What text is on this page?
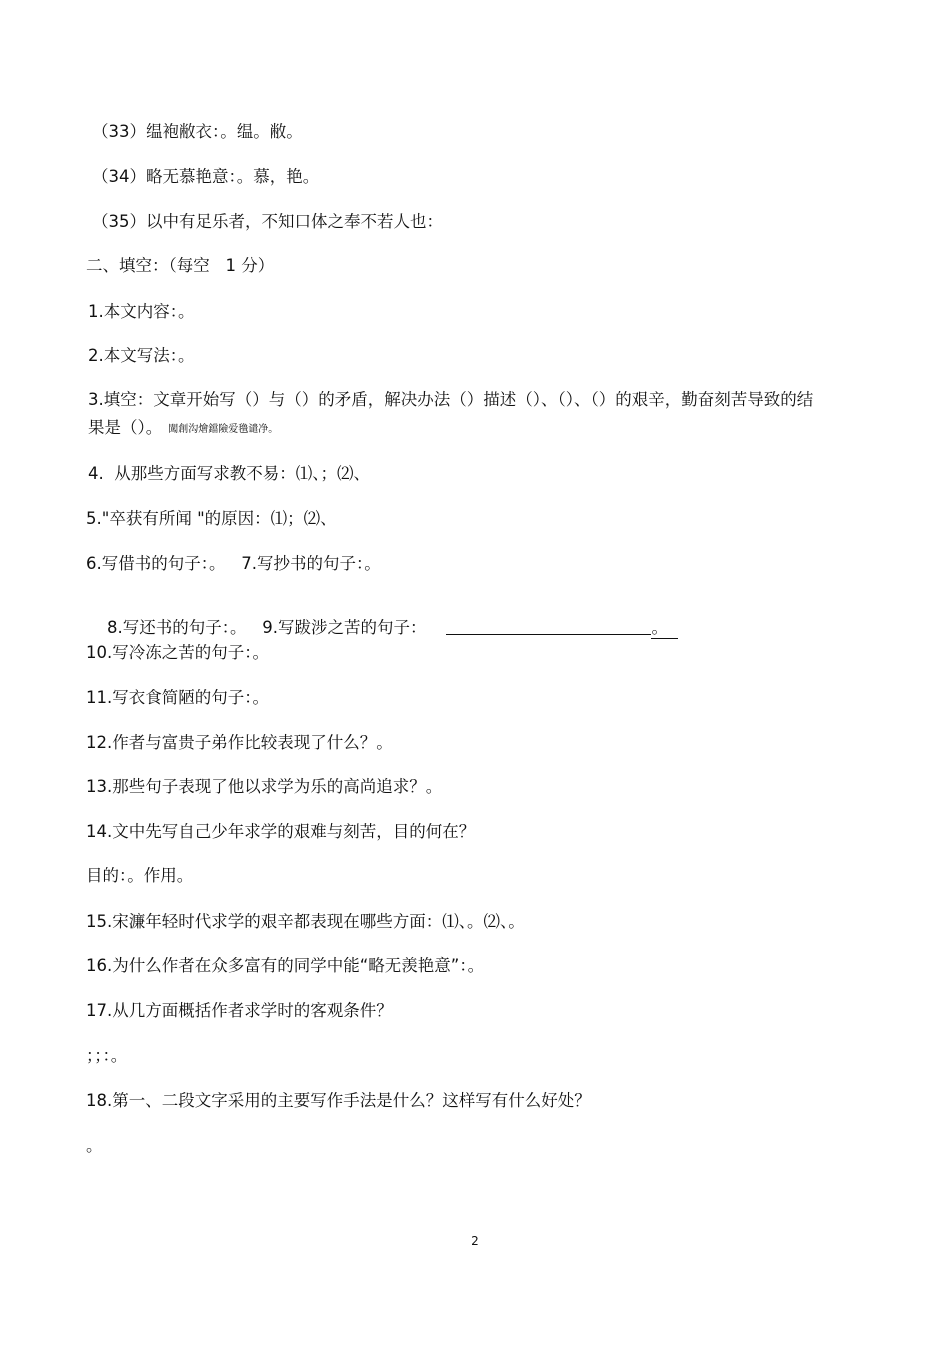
（33）缊袍敝衣：。缊。敝。
（34）略无慕艳意：。慕，艳。
（35）以中有足乐者，不知口体之奉不若人也：
二、填空：（每空   1 分）
1.本文内容：。
2.本文写法：。
3.填空：文章开始写（）与（）的矛盾，解决办法（）描述（）、（）、（）的艰辛，勤奋刻苦导致的结果是（）。 闖創沟燴鐺險爱氇谴净。
4.  从那些方面写求教不易：⑴、；⑵、
5."卒获有所闻 "的原因：⑴；⑵、
6.写借书的句子：。   7.写抄书的句子：。

8.写还书的句子：。   9.写跋涉之苦的句子：	。

10.写冷冻之苦的句子：。
11.写衣食简陋的句子：。
12.作者与富贵子弟作比较表现了什么？。
13.那些句子表现了他以求学为乐的高尚追求？。
14.文中先写自己少年求学的艰难与刻苦，目的何在？
目的：。作用。
15.宋濂年轻时代求学的艰辛都表现在哪些方面：⑴、。⑵、。
16.为什么作者在众多富有的同学中能“略无羡艳意”：。
17.从几方面概括作者求学时的客观条件？
；；：。
18.第一、二段文字采用的主要写作手法是什么？这样写有什么好处？
。
2
